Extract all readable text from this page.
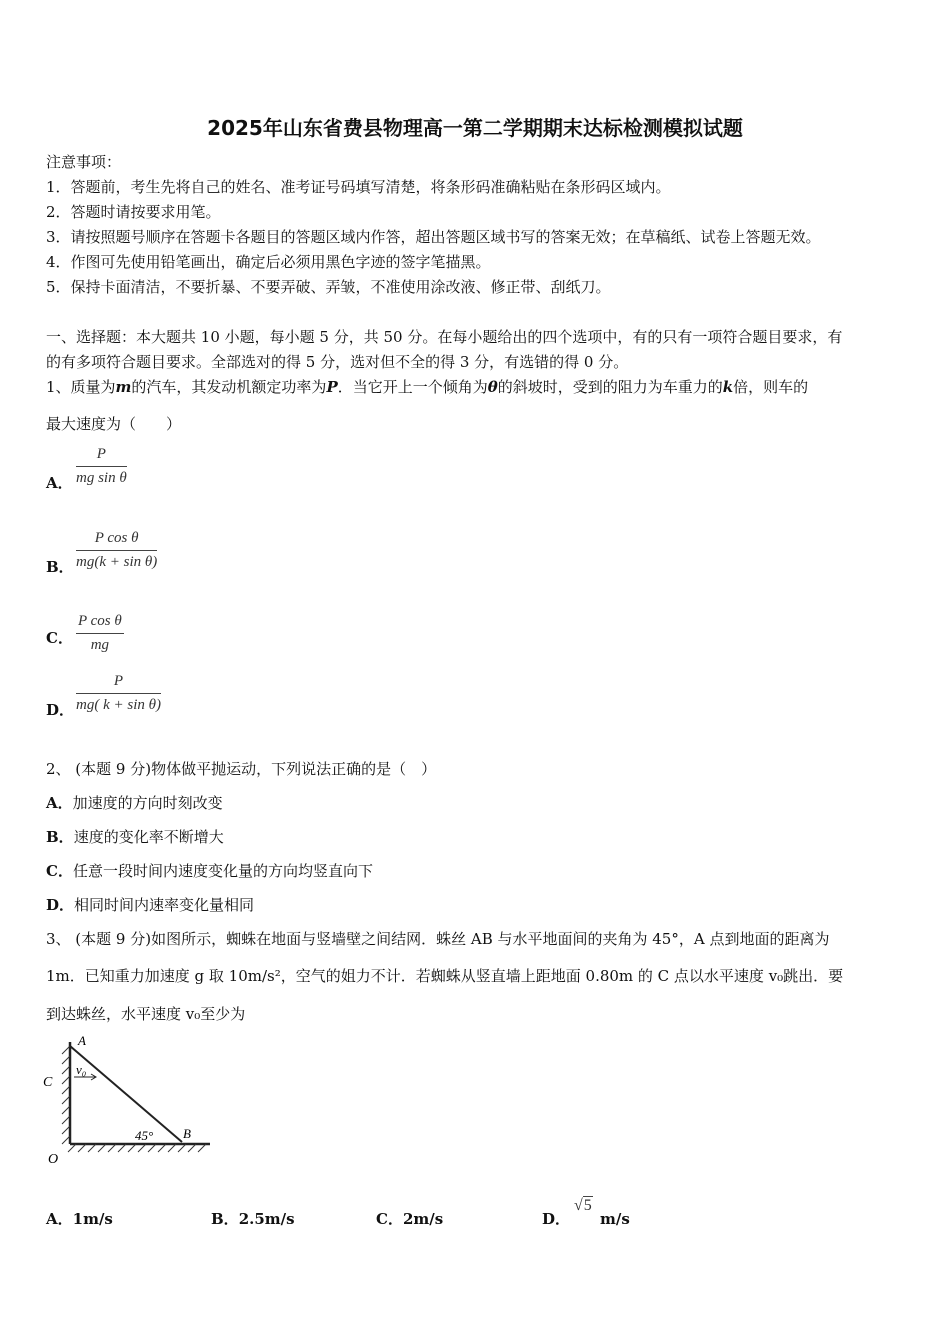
2025年山东省费县物理高一第二学期期末达标检测模拟试题
注意事项：
1．答题前，考生先将自己的姓名、准考证号码填写清楚，将条形码准确粘贴在条形码区域内。
2．答题时请按要求用笔。
3．请按照题号顺序在答题卡各题目的答题区域内作答，超出答题区域书写的答案无效；在草稿纸、试卷上答题无效。
4．作图可先使用铅笔画出，确定后必须用黑色字迹的签字笔描黑。
5．保持卡面清洁，不要折暴、不要弄破、弄皱，不准使用涂改液、修正带、刮纸刀。
一、选择题：本大题共 10 小题，每小题 5 分，共 50 分。在每小题给出的四个选项中，有的只有一项符合题目要求，有
的有多项符合题目要求。全部选对的得 5 分，选对但不全的得 3 分，有选错的得 0 分。
1、质量为m的汽车，其发动机额定功率为P．当它开上一个倾角为θ的斜坡时，受到的阻力为车重力的k倍，则车的
最大速度为（　　）
A．
P
mg sin θ
B．
P cos θ
mg(k + sin θ)
C．
P cos θ
mg
D．
P
mg( k + sin θ)
2、 (本题 9 分)物体做平抛运动，下列说法正确的是（　）
A．加速度的方向时刻改变
B．速度的变化率不断增大
C．任意一段时间内速度变化量的方向均竖直向下
D．相同时间内速率变化量相同
3、 (本题 9 分)如图所示，蜘蛛在地面与竖墙壁之间结网．蛛丝 AB 与水平地面间的夹角为 45°，A 点到地面的距离为
1m．已知重力加速度 g 取 10m/s²，空气的姐力不计．若蜘蛛从竖直墙上距地面 0.80m 的 C 点以水平速度 v₀跳出．要
到达蛛丝，水平速度 v₀至少为
v₀
A
C
O
B
45°
A．1m/s	B．2.5m/s	C．2m/s	D．
√5
m/s
